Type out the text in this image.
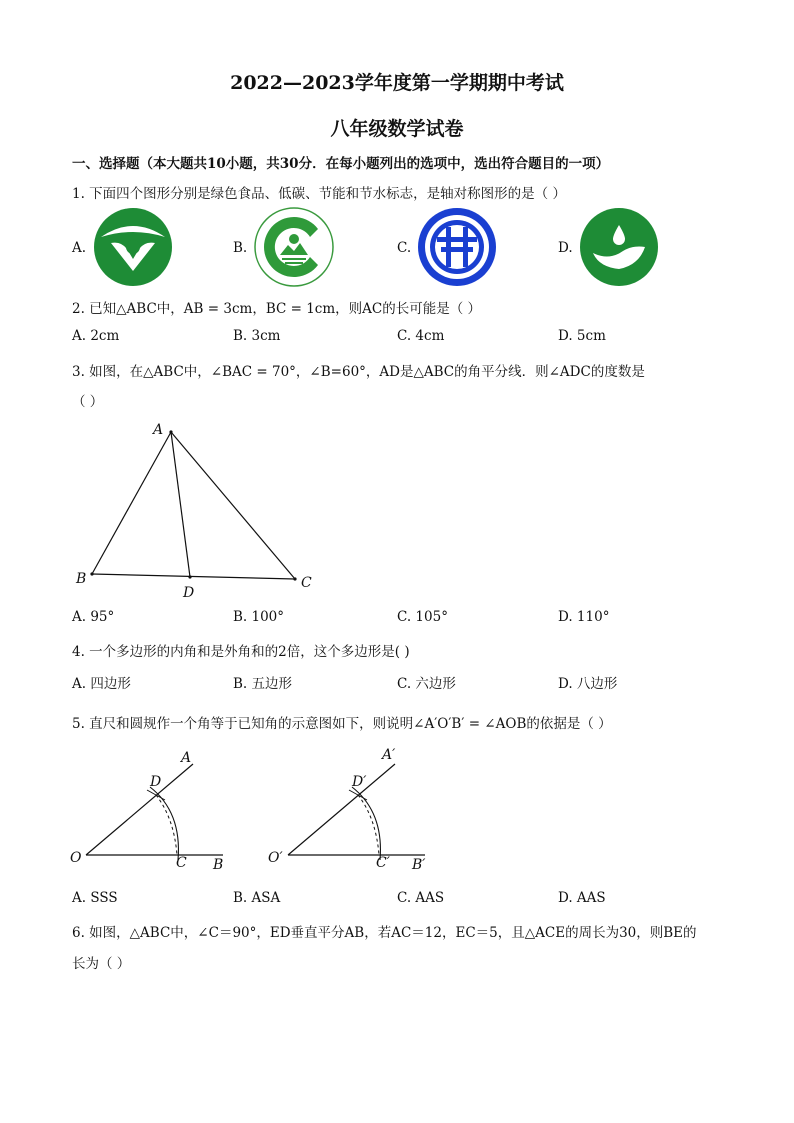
2022—2023学年度第一学期期中考试
八年级数学试卷
一、选择题（本大题共10小题，共30分．在每小题列出的选项中，选出符合题目的一项）
1. 下面四个图形分别是绿色食品、低碳、节能和节水标志，是轴对称图形的是（ ）
A.	B.	C.	D.
2. 已知△ABC中，AB = 3cm，BC = 1cm，则AC的长可能是（ ）
A. 2cm	B. 3cm	C. 4cm	D. 5cm
3. 如图，在△ABC中，∠BAC = 70°，∠B=60°，AD是△ABC的角平分线．则∠ADC的度数是
（ ）
A
B	C
D
A. 95°	B. 100°	C. 105°	D. 110°
4. 一个多边形的内角和是外角和的2倍，这个多边形是( )
A. 四边形	B. 五边形	C. 六边形	D. 八边形
5. 直尺和圆规作一个角等于已知角的示意图如下，则说明∠A′O′B′ = ∠AOB的依据是（ ）
O
A
B
C
D
O′
A′
B′
C′
D′
A. SSS	B. ASA	C. AAS	D. AAS
6. 如图，△ABC中，∠C＝90°，ED垂直平分AB，若AC＝12，EC＝5，且△ACE的周长为30，则BE的
长为（ ）
